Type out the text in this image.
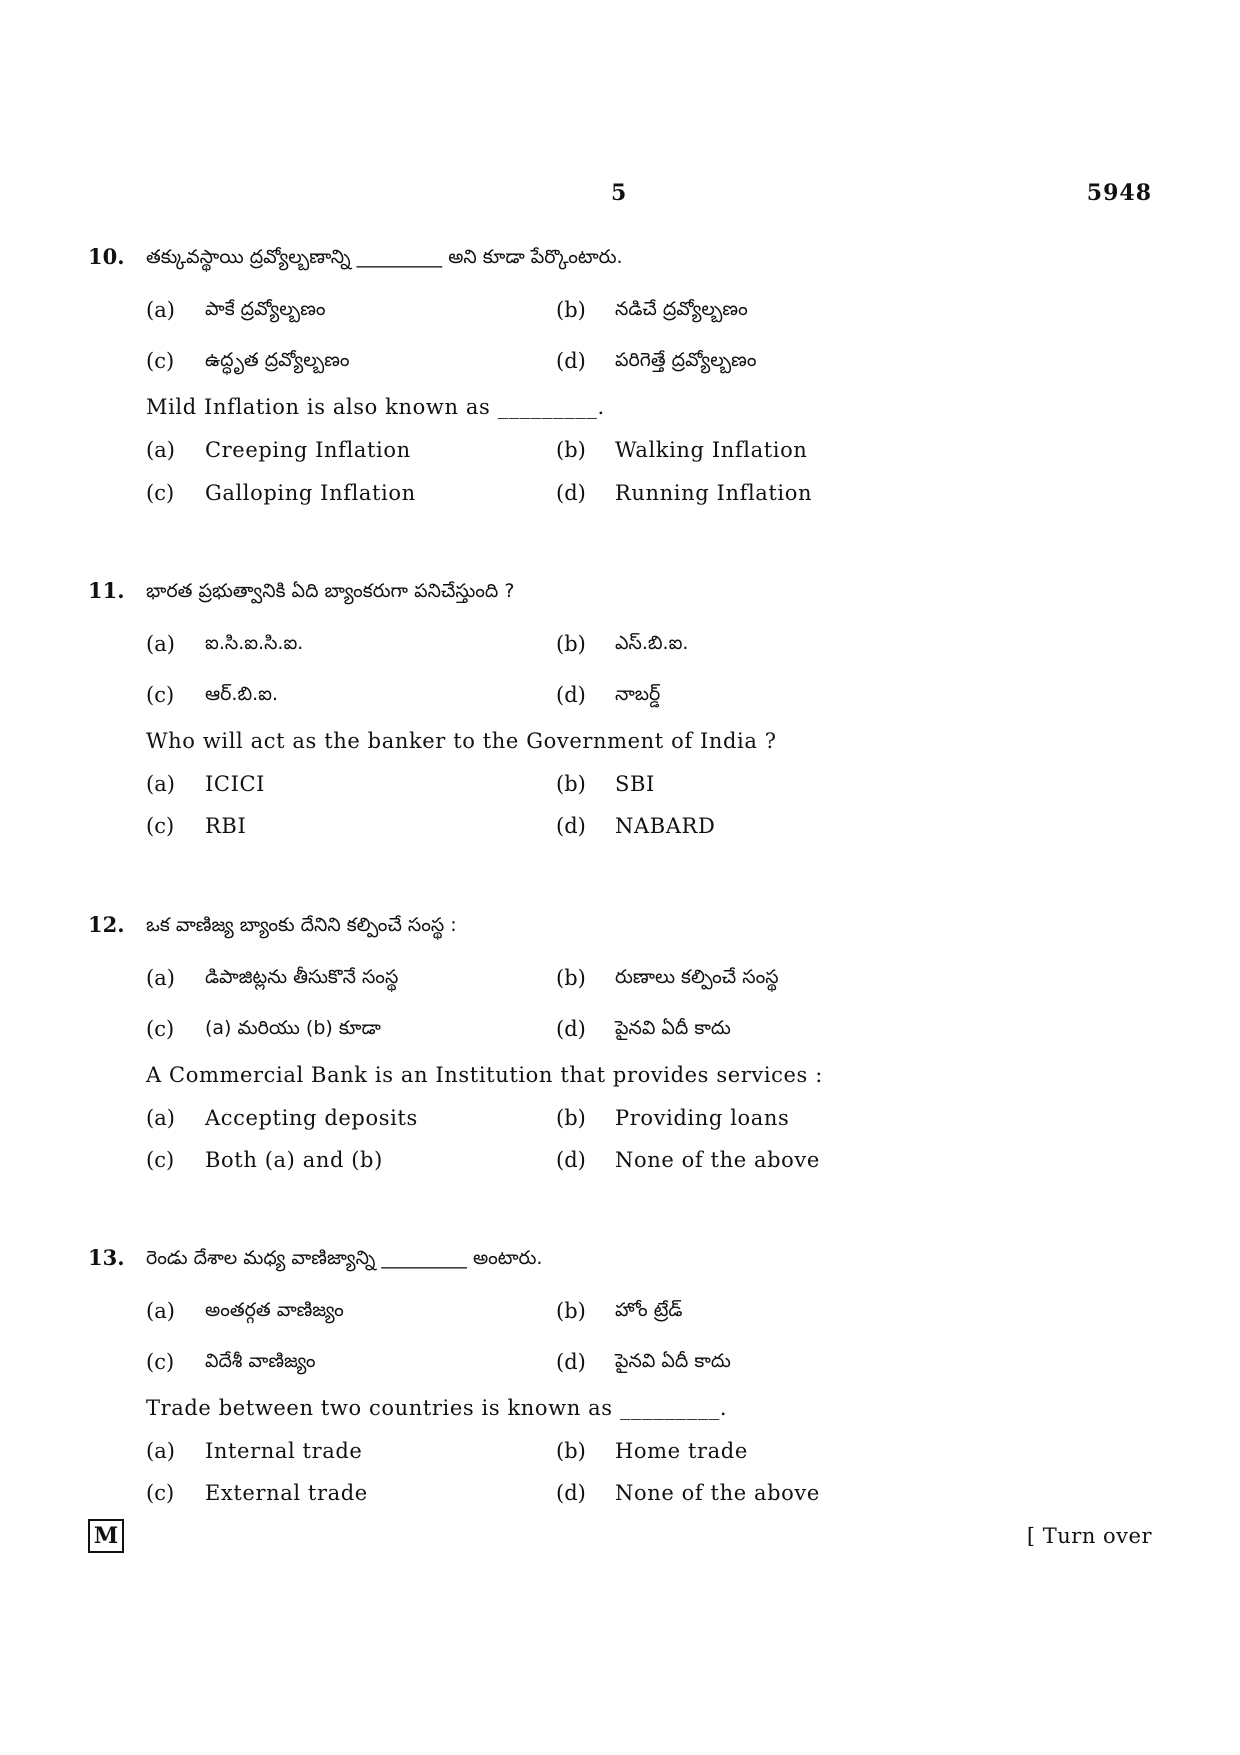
5	5948
10. తక్కువస్థాయి ద్రవ్యోల్బణాన్ని _________ అని కూడా పేర్కొంటారు.
(a) పాకే ద్రవ్యోల్బణం	(b) నడిచే ద్రవ్యోల్బణం
(c) ఉద్ధృత ద్రవ్యోల్బణం	(d) పరిగెత్తే ద్రవ్యోల్బణం
Mild Inflation is also known as _________.
(a) Creeping Inflation	(b) Walking Inflation
(c) Galloping Inflation	(d) Running Inflation
11. భారత ప్రభుత్వానికి ఏది బ్యాంకరుగా పనిచేస్తుంది ?
(a) ఐ.సి.ఐ.సి.ఐ.	(b) ఎస్.బి.ఐ.
(c) ఆర్.బి.ఐ.	(d) నాబర్డ్
Who will act as the banker to the Government of India ?
(a) ICICI	(b) SBI
(c) RBI	(d) NABARD
12. ఒక వాణిజ్య బ్యాంకు దేనిని కల్పించే సంస్థ :
(a) డిపాజిట్లను తీసుకొనే సంస్థ	(b) రుణాలు కల్పించే సంస్థ
(c) (a) మరియు (b) కూడా	(d) పైనవి ఏదీ కాదు
A Commercial Bank is an Institution that provides services :
(a) Accepting deposits	(b) Providing loans
(c) Both (a) and (b)	(d) None of the above
13. రెండు దేశాల మధ్య వాణిజ్యాన్ని _________ అంటారు.
(a) అంతర్గత వాణిజ్యం	(b) హోం ట్రేడ్
(c) విదేశీ వాణిజ్యం	(d) పైనవి ఏదీ కాదు
Trade between two countries is known as _________.
(a) Internal trade	(b) Home trade
(c) External trade	(d) None of the above
M	[ Turn over
